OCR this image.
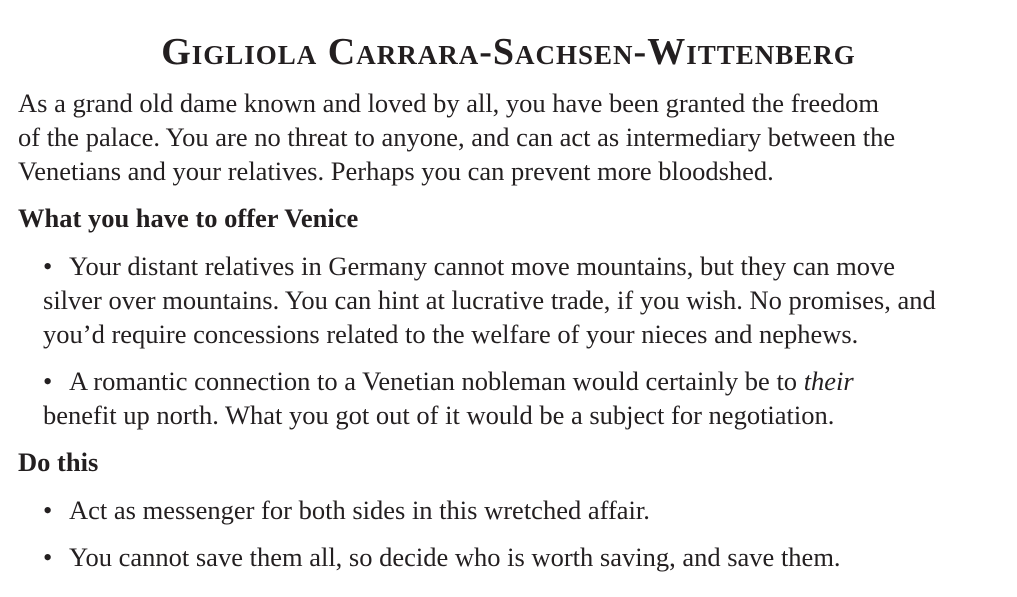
Gigliola Carrara-Sachsen-Wittenberg

As a grand old dame known and loved by all, you have been granted the freedom
of the palace. You are no threat to anyone, and can act as intermediary between the
Venetians and your relatives. Perhaps you can prevent more bloodshed.

What you have to offer Venice
• Your distant relatives in Germany cannot move mountains, but they can move
silver over mountains. You can hint at lucrative trade, if you wish. No promises, and
you’d require concessions related to the welfare of your nieces and nephews.
• A romantic connection to a Venetian nobleman would certainly be to their
benefit up north. What you got out of it would be a subject for negotiation.
Do this
• Act as messenger for both sides in this wretched affair.
• You cannot save them all, so decide who is worth saving, and save them.
